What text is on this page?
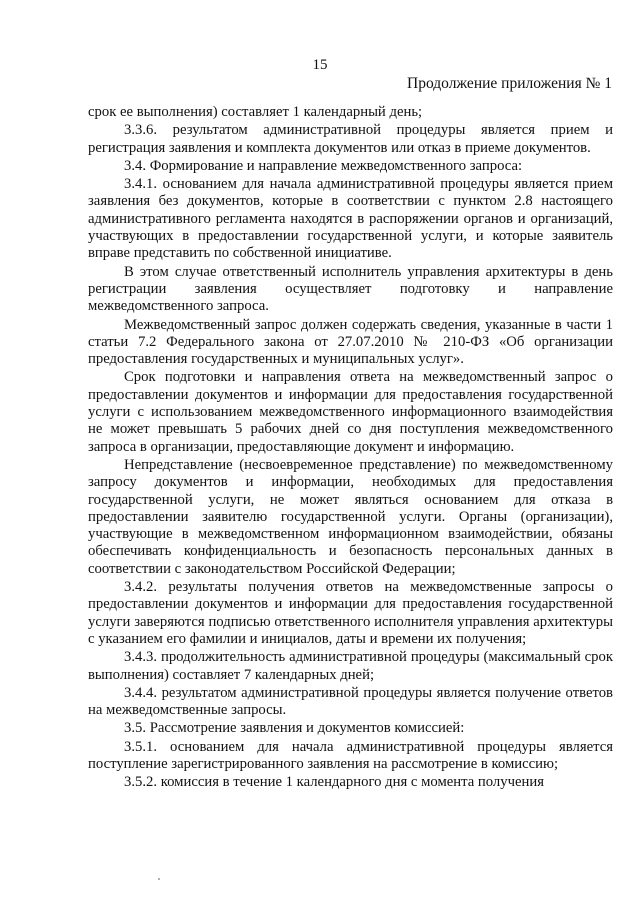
15
Продолжение приложения № 1

срок ее выполнения) составляет 1 календарный день;

3.3.6. результатом административной процедуры является прием и регистрация заявления и комплекта документов или отказ в приеме документов.

3.4. Формирование и направление межведомственного запроса:

3.4.1. основанием для начала административной процедуры является прием заявления без документов, которые в соответствии с пунктом 2.8 настоящего административного регламента находятся в распоряжении органов и организаций, участвующих в предоставлении государственной услуги, и которые заявитель вправе представить по собственной инициативе.

В этом случае ответственный исполнитель управления архитектуры в день регистрации заявления осуществляет подготовку и направление межведомственного запроса.

Межведомственный запрос должен содержать сведения, указанные в части 1 статьи 7.2 Федерального закона от 27.07.2010 № 210-ФЗ «Об организации предоставления государственных и муниципальных услуг».

Срок подготовки и направления ответа на межведомственный запрос о предоставлении документов и информации для предоставления государственной услуги с использованием межведомственного информационного взаимодействия не может превышать 5 рабочих дней со дня поступления межведомственного запроса в организации, предоставляющие документ и информацию.

Непредставление (несвоевременное представление) по межведомственному запросу документов и информации, необходимых для предоставления государственной услуги, не может являться основанием для отказа в предоставлении заявителю государственной услуги. Органы (организации), участвующие в межведомственном информационном взаимодействии, обязаны обеспечивать конфиденциальность и безопасность персональных данных в соответствии с законодательством Российской Федерации;

3.4.2. результаты получения ответов на межведомственные запросы о предоставлении документов и информации для предоставления государственной услуги заверяются подписью ответственного исполнителя управления архитектуры с указанием его фамилии и инициалов, даты и времени их получения;

3.4.3. продолжительность административной процедуры (максимальный срок выполнения) составляет 7 календарных дней;

3.4.4. результатом административной процедуры является получение ответов на межведомственные запросы.

3.5. Рассмотрение заявления и документов комиссией:

3.5.1. основанием для начала административной процедуры является поступление зарегистрированного заявления на рассмотрение в комиссию;

3.5.2. комиссия в течение 1 календарного дня с момента получения
